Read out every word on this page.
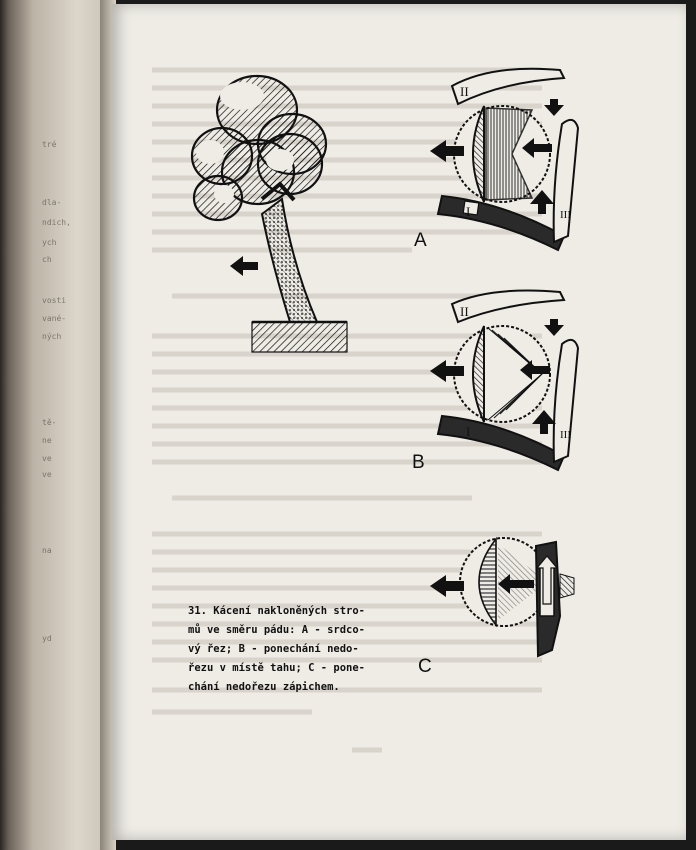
tré
dla-
ndich,
ych
ch
vosti
vané-
ných
tě-
ne
ve
ve
na
yd
II
I	III
II
I	III
A
B
C
31. Kácení nakloněných stro-
mů ve směru pádu: A - srdco-
vý řez; B - ponechání nedo-
řezu v místě tahu; C - pone-
chání nedořezu zápichem.
